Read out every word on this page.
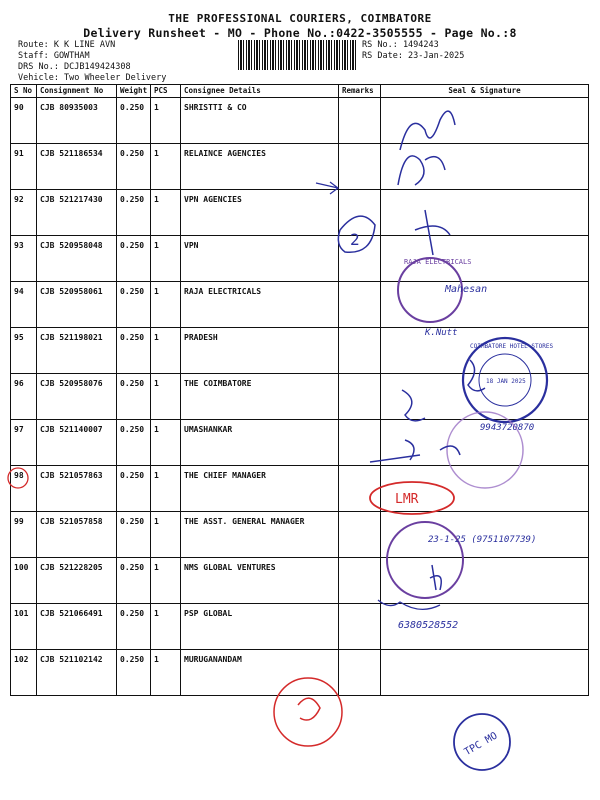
THE PROFESSIONAL COURIERS, COIMBATORE
Delivery Runsheet - MO - Phone No.:0422-3505555 - Page No.:8
Route: K K LINE AVN
Staff: GOWTHAM
DRS No.: DCJB149424308
Vehicle: Two Wheeler Delivery
RS No.: 1494243
RS Date: 23-Jan-2025
S No	Consignment No	Weight	PCS	Consignee Details	Remarks	Seal & Signature
90	CJB 80935003	0.250	1	SHRISTTI & CO		
91	CJB 521186534	0.250	1	RELAINCE AGENCIES		
92	CJB 521217430	0.250	1	VPN AGENCIES		
93	CJB 520958048	0.250	1	VPN		
94	CJB 520958061	0.250	1	RAJA ELECTRICALS		
95	CJB 521198021	0.250	1	PRADESH		
96	CJB 520958076	0.250	1	THE COIMBATORE		
97	CJB 521140007	0.250	1	UMASHANKAR		
98	CJB 521057863	0.250	1	THE CHIEF MANAGER		
99	CJB 521057858	0.250	1	THE ASST. GENERAL MANAGER		
100	CJB 521228205	0.250	1	NMS GLOBAL VENTURES		
101	CJB 521066491	0.250	1	PSP GLOBAL		
102	CJB 521102142	0.250	1	MURUGANANDAM		
2
RAJA ELECTRICALS
Mahesan
K.Nutt
COIMBATORE HOTEL STORES
18 JAN 2025
9943720870
LMR
23-1-25 (9751107739)
6380528552
TPC MO
